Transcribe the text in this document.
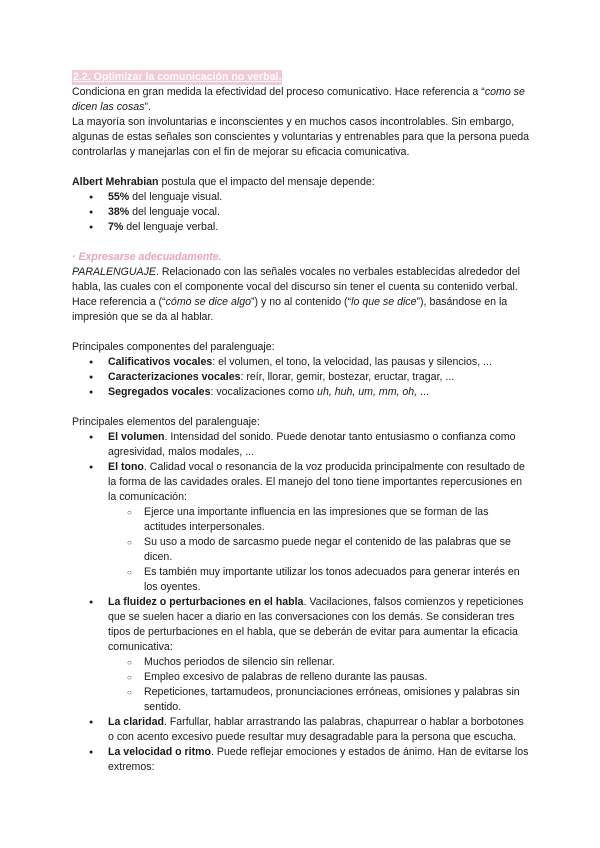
2.2. Optimizar la comunicación no verbal.

Condiciona en gran medida la efectividad del proceso comunicativo. Hace referencia a “como se dicen las cosas”.

La mayoría son involuntarias e inconscientes y en muchos casos incontrolables. Sin embargo, algunas de estas señales son conscientes y voluntarias y entrenables para que la persona pueda controlarlas y manejarlas con el fin de mejorar su eficacia comunicativa.

Albert Mehrabian postula que el impacto del mensaje depende:

● 55% del lenguaje visual.
● 38% del lenguaje vocal.
● 7% del lenguaje verbal.

· Expresarse adecuadamente.

PARALENGUAJE. Relacionado con las señales vocales no verbales establecidas alrededor del habla, las cuales con el componente vocal del discurso sin tener el cuenta su contenido verbal. Hace referencia a (“cómo se dice algo”) y no al contenido (“lo que se dice”), basándose en la impresión que se da al hablar.

Principales componentes del paralenguaje:

● Calificativos vocales: el volumen, el tono, la velocidad, las pausas y silencios, ...
● Caracterizaciones vocales: reír, llorar, gemir, bostezar, eructar, tragar, ...
● Segregados vocales: vocalizaciones como uh, huh, um, mm, oh, ...

Principales elementos del paralenguaje:

● El volumen. Intensidad del sonido. Puede denotar tanto entusiasmo o confianza como agresividad, malos modales, ...
● El tono. Calidad vocal o resonancia de la voz producida principalmente con resultado de la forma de las cavidades orales. El manejo del tono tiene importantes repercusiones en la comunicación:
○ Ejerce una importante influencia en las impresiones que se forman de las actitudes interpersonales.
○ Su uso a modo de sarcasmo puede negar el contenido de las palabras que se dicen.
○ Es también muy importante utilizar los tonos adecuados para generar interés en los oyentes.
● La fluidez o perturbaciones en el habla. Vacilaciones, falsos comienzos y repeticiones que se suelen hacer a diario en las conversaciones con los demás. Se consideran tres tipos de perturbaciones en el habla, que se deberán de evitar para aumentar la eficacia comunicativa:
○ Muchos periodos de silencio sin rellenar.
○ Empleo excesivo de palabras de relleno durante las pausas.
○ Repeticiones, tartamudeos, pronunciaciones erróneas, omisiones y palabras sin sentido.
● La claridad. Farfullar, hablar arrastrando las palabras, chapurrear o hablar a borbotones o con acento excesivo puede resultar muy desagradable para la persona que escucha.
● La velocidad o ritmo. Puede reflejar emociones y estados de ánimo. Han de evitarse los extremos:
